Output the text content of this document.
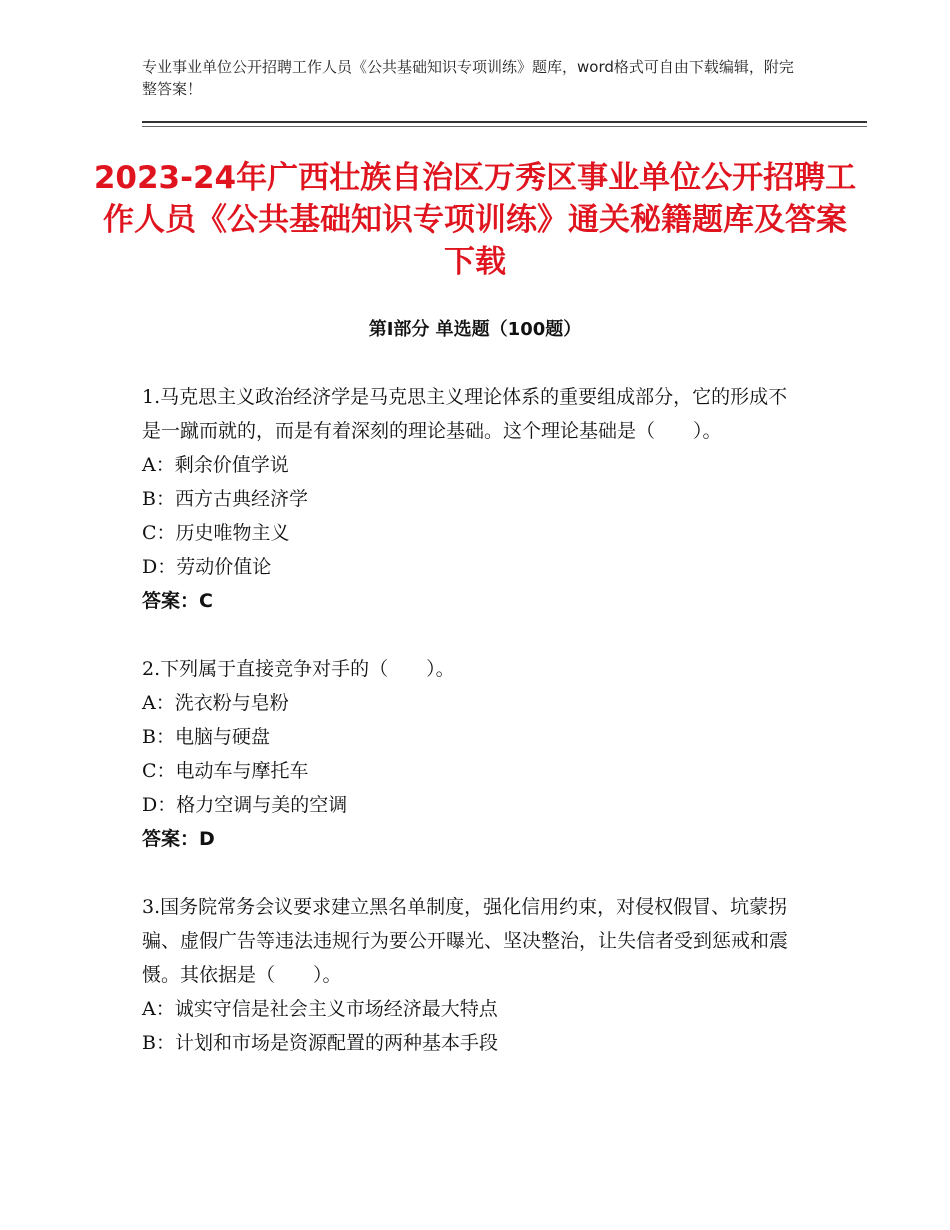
专业事业单位公开招聘工作人员《公共基础知识专项训练》题库，word格式可自由下载编辑，附完整答案！
2023-24年广西壮族自治区万秀区事业单位公开招聘工作人员《公共基础知识专项训练》通关秘籍题库及答案下载
第Ⅰ部分 单选题（100题）

1.马克思主义政治经济学是马克思主义理论体系的重要组成部分，它的形成不是一蹴而就的，而是有着深刻的理论基础。这个理论基础是（　　）。

A：剩余价值学说

B：西方古典经济学

C：历史唯物主义

D：劳动价值论

答案：C

2.下列属于直接竞争对手的（　　）。

A：洗衣粉与皂粉

B：电脑与硬盘

C：电动车与摩托车

D：格力空调与美的空调

答案：D

3.国务院常务会议要求建立黑名单制度，强化信用约束，对侵权假冒、坑蒙拐骗、虚假广告等违法违规行为要公开曝光、坚决整治，让失信者受到惩戒和震慑。其依据是（　　）。

A：诚实守信是社会主义市场经济最大特点

B：计划和市场是资源配置的两种基本手段
